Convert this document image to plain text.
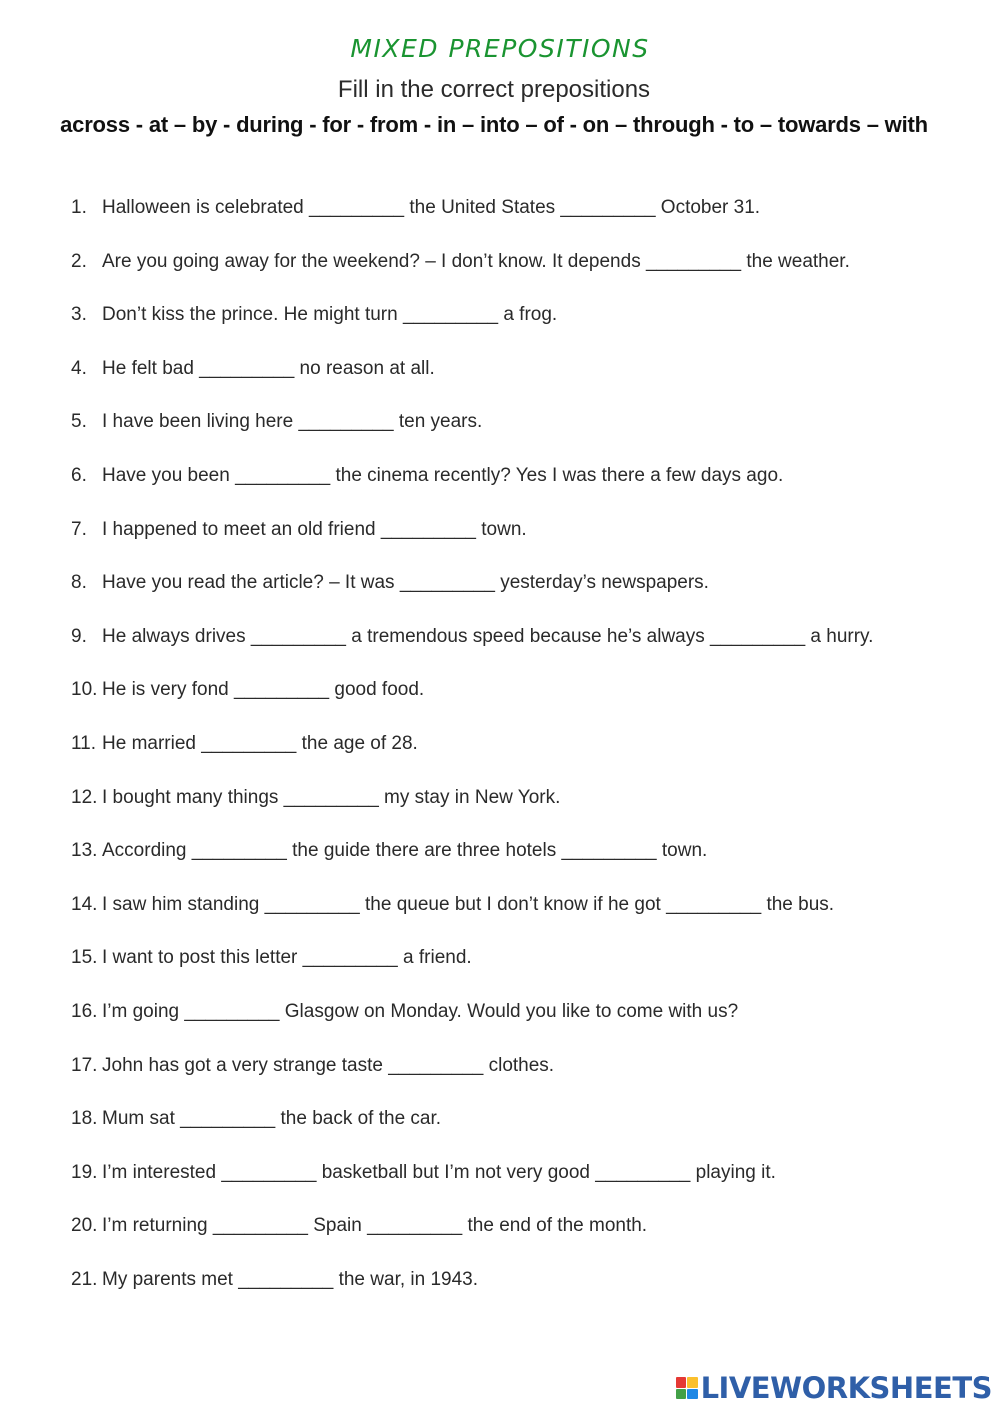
MIXED PREPOSITIONS
Fill in the correct prepositions
across - at – by - during - for - from - in – into – of - on – through - to – towards – with
1. Halloween is celebrated _________ the United States _________ October 31.
2. Are you going away for the weekend? – I don’t know. It depends _________ the weather.
3. Don’t kiss the prince. He might turn _________ a frog.
4. He felt bad _________ no reason at all.
5. I have been living here _________ ten years.
6. Have you been _________ the cinema recently? Yes I was there a few days ago.
7. I happened to meet an old friend _________ town.
8. Have you read the article? – It was _________ yesterday’s newspapers.
9. He always drives _________ a tremendous speed because he’s always _________ a hurry.
10. He is very fond _________ good food.
11. He married _________ the age of 28.
12. I bought many things _________ my stay in New York.
13. According _________ the guide there are three hotels _________ town.
14. I saw him standing _________ the queue but I don’t know if he got _________ the bus.
15. I want to post this letter _________ a friend.
16. I’m going _________ Glasgow on Monday. Would you like to come with us?
17. John has got a very strange taste _________ clothes.
18. Mum sat _________ the back of the car.
19. I’m interested _________ basketball but I’m not very good _________ playing it.
20. I’m returning _________ Spain _________ the end of the month.
21. My parents met _________ the war, in 1943.
LIVEWORKSHEETS
